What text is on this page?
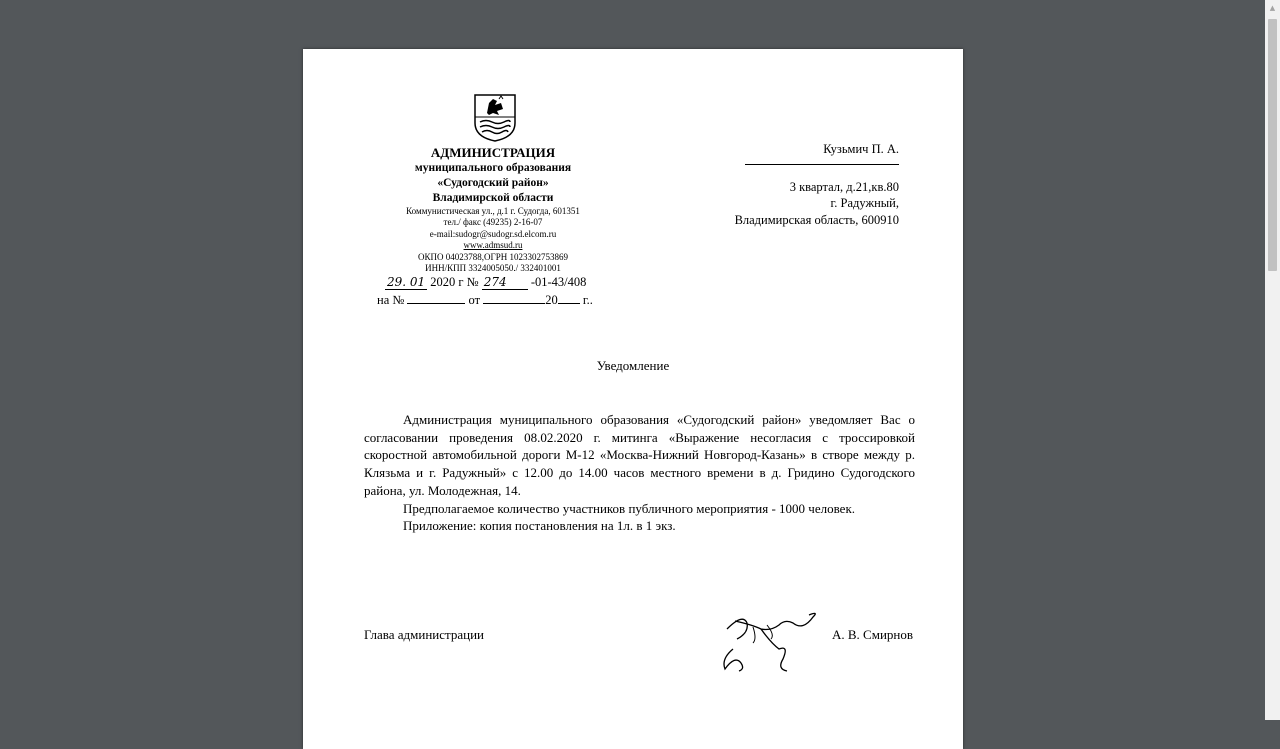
АДМИНИСТРАЦИЯ
муниципального образования
«Судогодский район»
Владимирской области
Коммунистическая ул., д.1 г. Судогда, 601351
тел./ факс (49235) 2-16-07
e-mail:sudogr@sudogr.sd.elcom.ru
www.admsud.ru
ОКПО 04023788,ОГРН 1023302753869
ИНН/КПП 3324005050./ 332401001
29. 01 2020 г № 274 -01-43/408
на №	от	20 г..
Кузьмич П. А.
3 квартал, д.21,кв.80
г. Радужный,
Владимирская область, 600910
Уведомление

Администрация муниципального образования «Судогодский район» уведомляет Вас о согласовании проведения 08.02.2020 г. митинга «Выражение несогласия с троссировкой скоростной автомобильной дороги М-12 «Москва-Нижний Новгород-Казань» в створе между р. Клязьма и г. Радужный» с 12.00 до 14.00 часов местного времени в д. Гридино Судогодского района, ул. Молодежная, 14.

Предполагаемое количество участников публичного мероприятия - 1000 человек.

Приложение: копия постановления на 1л. в 1 экз.

Глава администрации	А. В. Смирнов
▲
